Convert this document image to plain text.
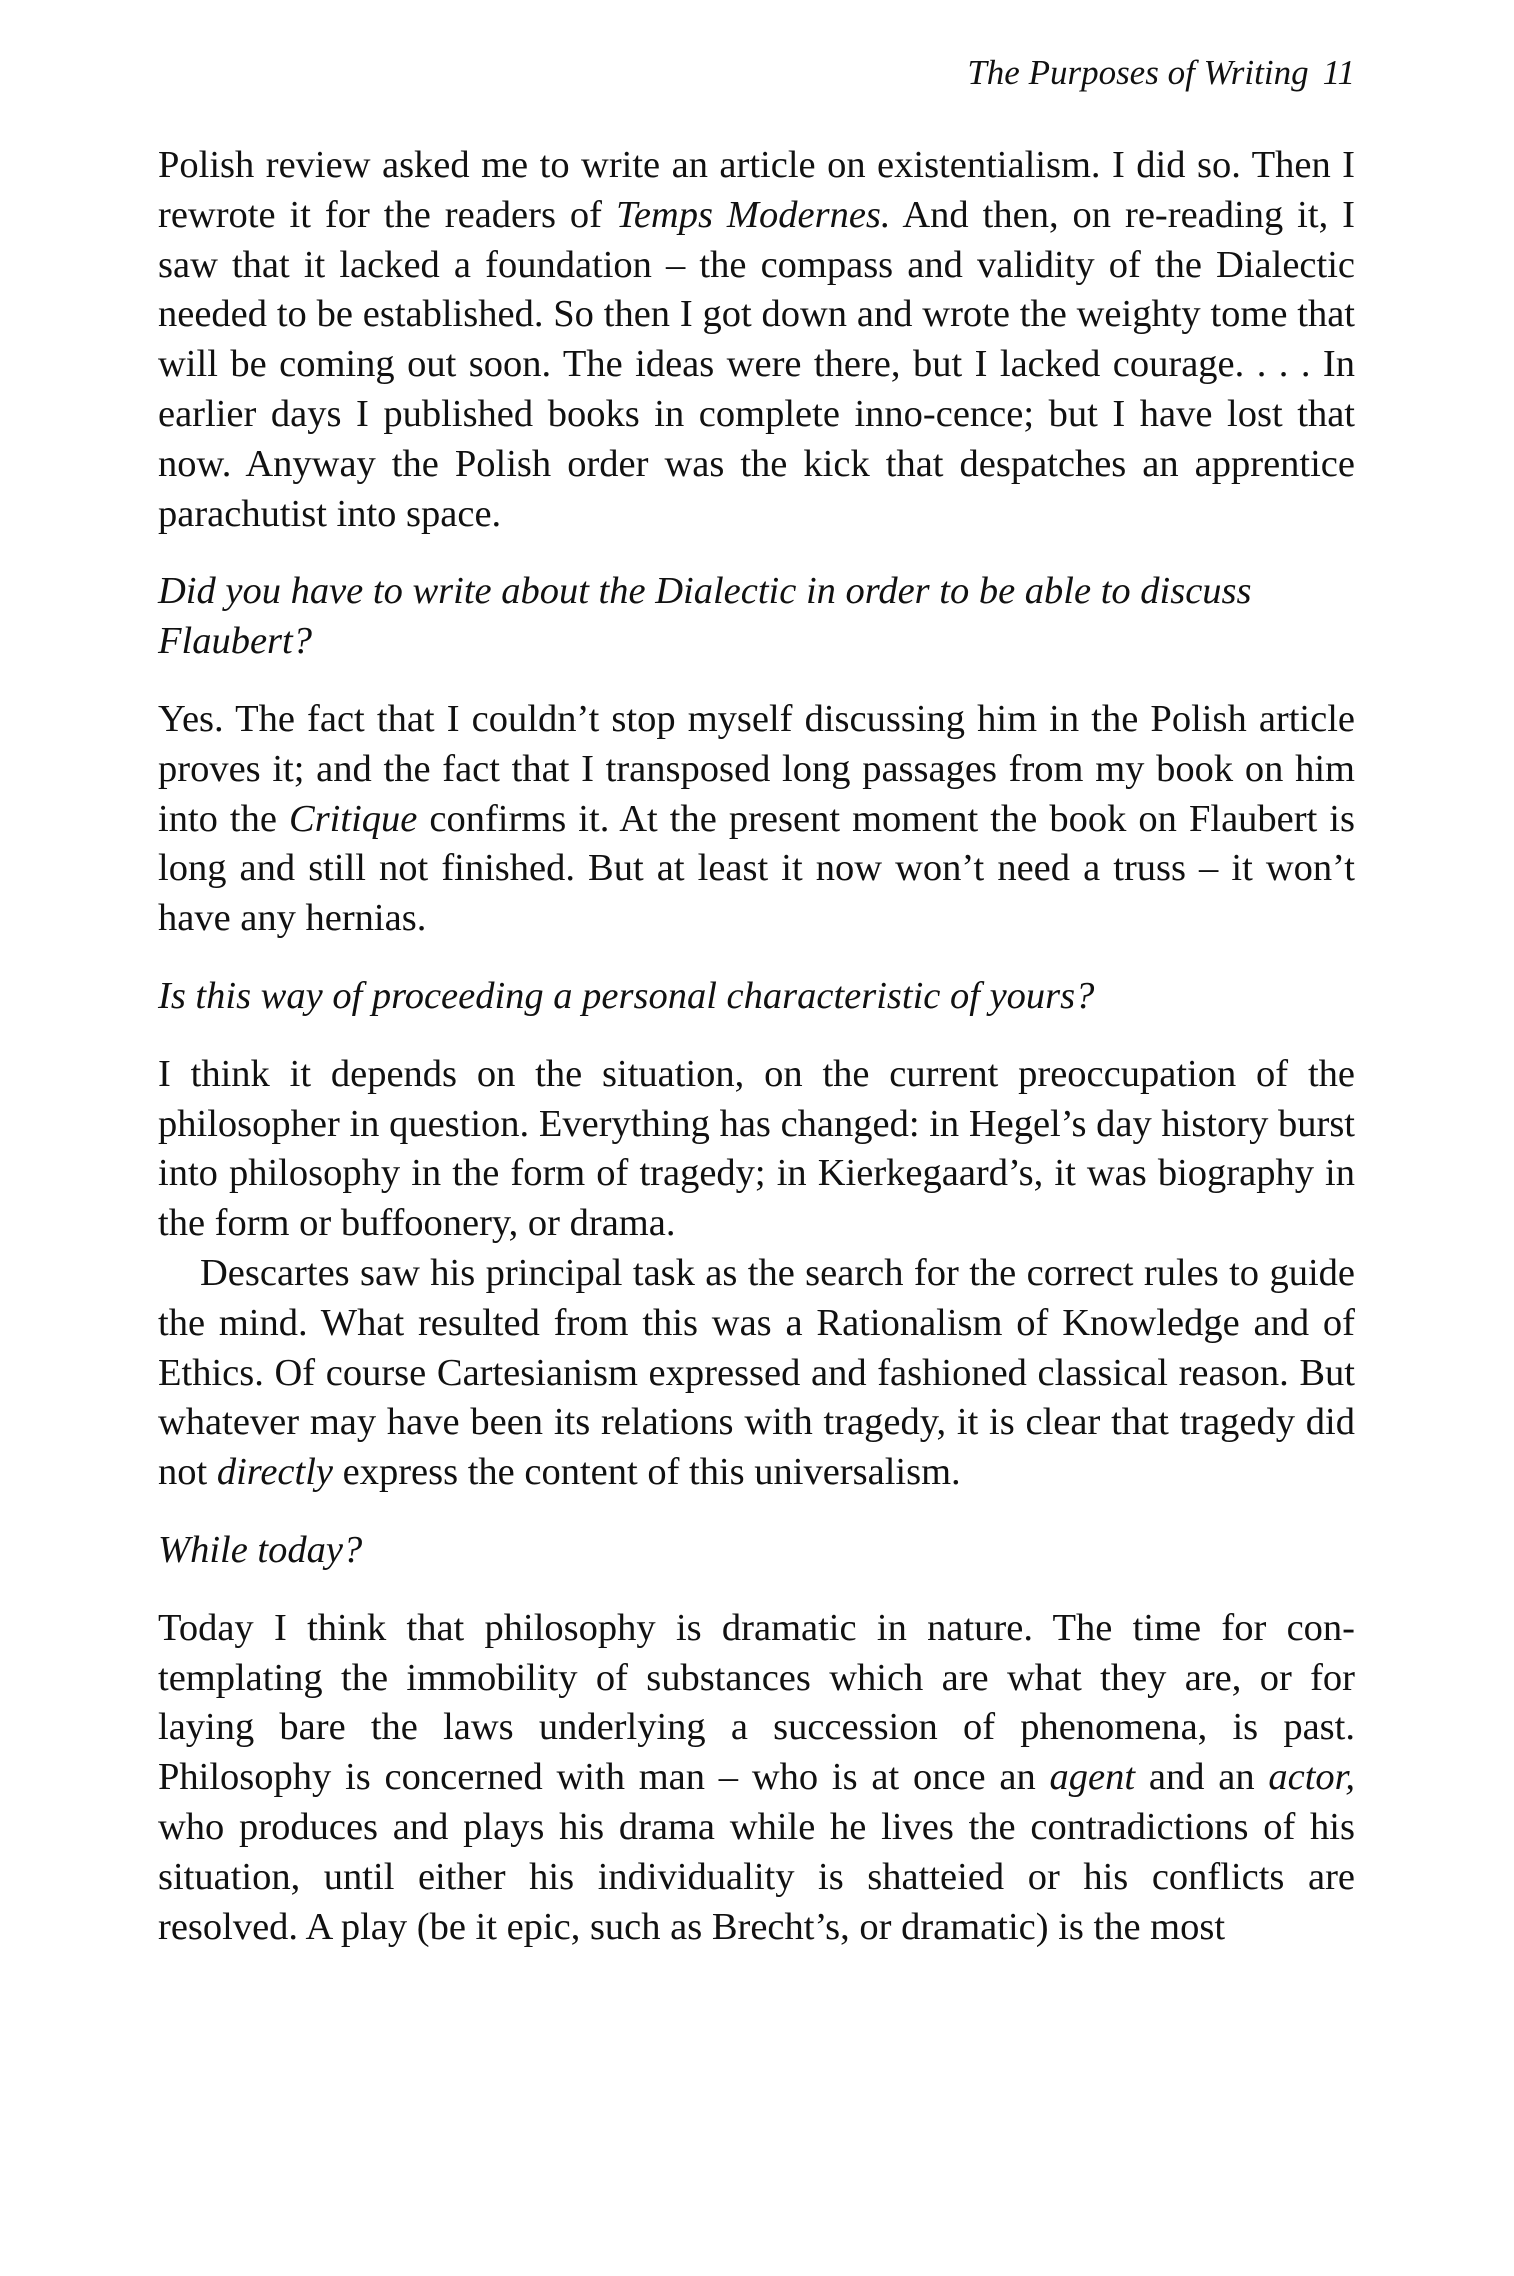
The Purposes of Writing 11

Polish review asked me to write an article on existentialism. I did so. Then I rewrote it for the readers of Temps Modernes. And then, on re-reading it, I saw that it lacked a foundation – the compass and validity of the Dialectic needed to be established. So then I got down and wrote the weighty tome that will be coming out soon. The ideas were there, but I lacked courage. . . . In earlier days I published books in complete inno-cence; but I have lost that now. Anyway the Polish order was the kick that despatches an apprentice parachutist into space.

Did you have to write about the Dialectic in order to be able to discuss Flaubert?

Yes. The fact that I couldn’t stop myself discussing him in the Polish article proves it; and the fact that I transposed long passages from my book on him into the Critique confirms it. At the present moment the book on Flaubert is long and still not finished. But at least it now won’t need a truss – it won’t have any hernias.

Is this way of proceeding a personal characteristic of yours?

I think it depends on the situation, on the current preoccupation of the philosopher in question. Everything has changed: in Hegel’s day history burst into philosophy in the form of tragedy; in Kierkegaard’s, it was biography in the form or buffoonery, or drama.

Descartes saw his principal task as the search for the correct rules to guide the mind. What resulted from this was a Rationalism of Knowledge and of Ethics. Of course Cartesianism expressed and fashioned classical reason. But whatever may have been its relations with tragedy, it is clear that tragedy did not directly express the content of this universalism.

While today?

Today I think that philosophy is dramatic in nature. The time for con-templating the immobility of substances which are what they are, or for laying bare the laws underlying a succession of phenomena, is past. Philosophy is concerned with man – who is at once an agent and an actor, who produces and plays his drama while he lives the contradictions of his situation, until either his individuality is shatteied or his conflicts are resolved. A play (be it epic, such as Brecht’s, or dramatic) is the most
